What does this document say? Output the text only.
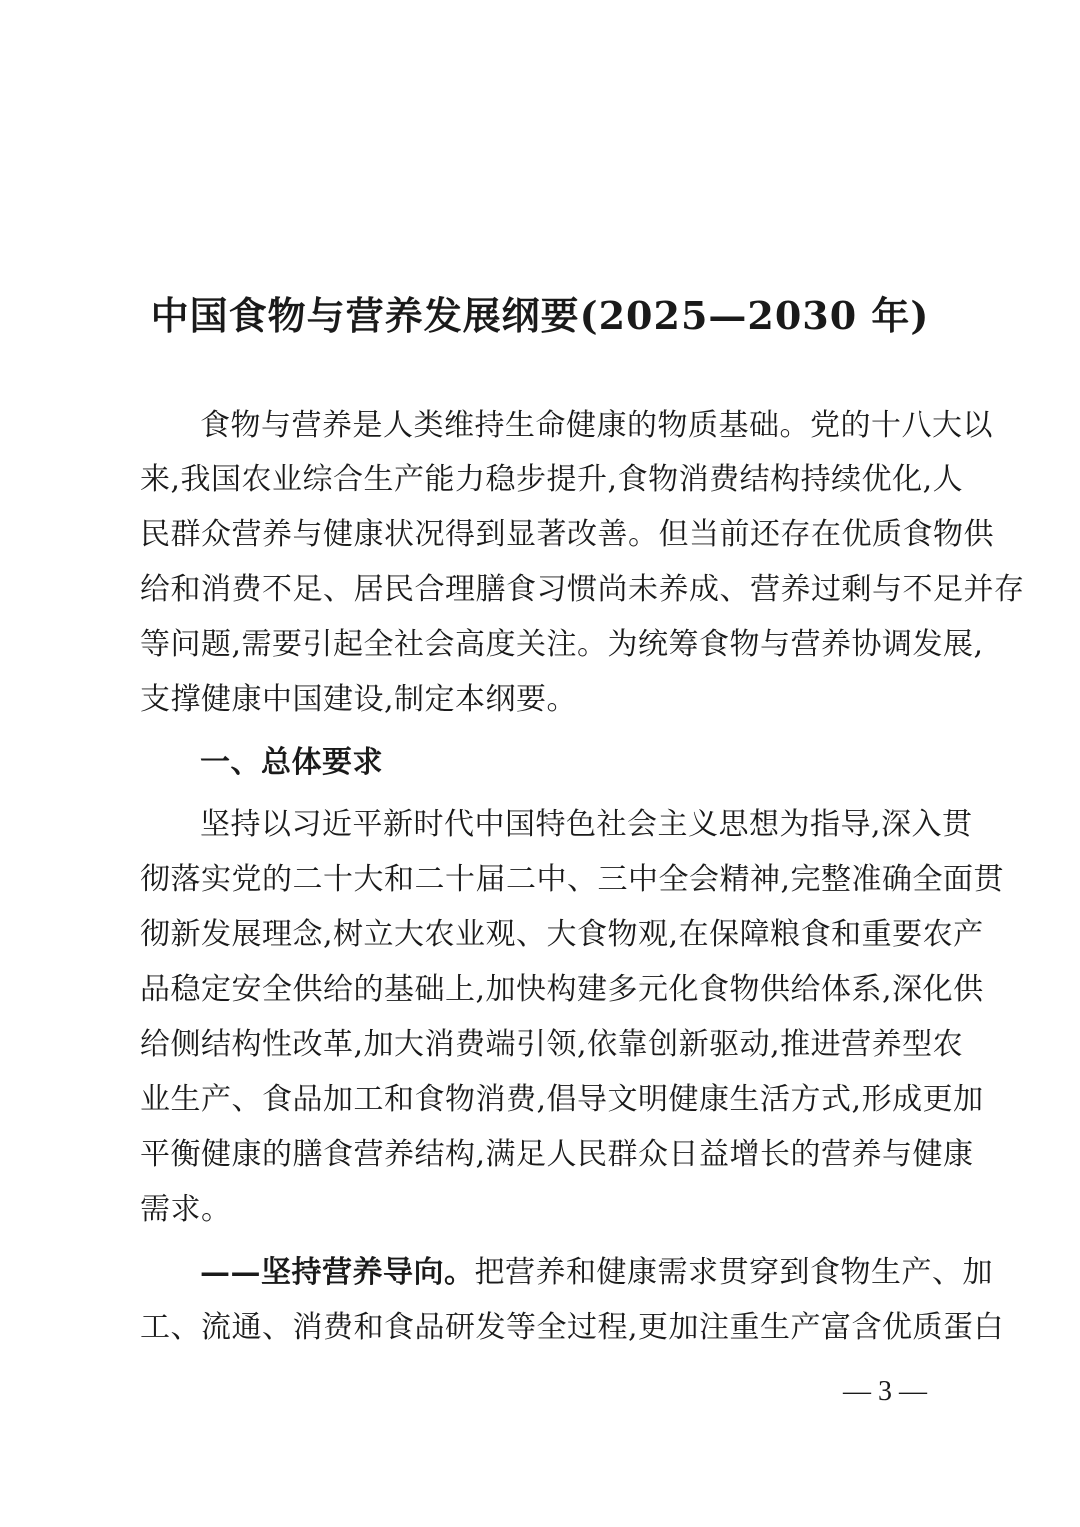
中国食物与营养发展纲要(2025—2030 年)
食物与营养是人类维持生命健康的物质基础。党的十八大以
来,我国农业综合生产能力稳步提升,食物消费结构持续优化,人
民群众营养与健康状况得到显著改善。但当前还存在优质食物供
给和消费不足、居民合理膳食习惯尚未养成、营养过剩与不足并存
等问题,需要引起全社会高度关注。为统筹食物与营养协调发展,
支撑健康中国建设,制定本纲要。
一、总体要求
坚持以习近平新时代中国特色社会主义思想为指导,深入贯
彻落实党的二十大和二十届二中、三中全会精神,完整准确全面贯
彻新发展理念,树立大农业观、大食物观,在保障粮食和重要农产
品稳定安全供给的基础上,加快构建多元化食物供给体系,深化供
给侧结构性改革,加大消费端引领,依靠创新驱动,推进营养型农
业生产、食品加工和食物消费,倡导文明健康生活方式,形成更加
平衡健康的膳食营养结构,满足人民群众日益增长的营养与健康
需求。
——坚持营养导向。把营养和健康需求贯穿到食物生产、加
工、流通、消费和食品研发等全过程,更加注重生产富含优质蛋白
— 3 —
